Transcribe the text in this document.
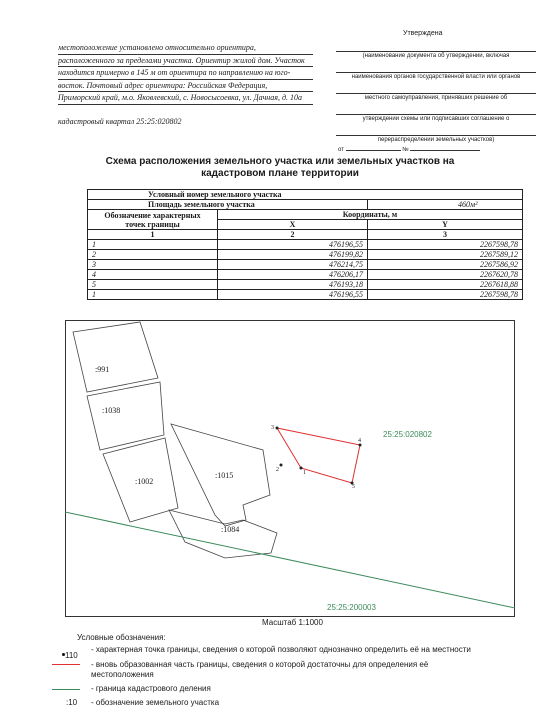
местоположение установлено относительно ориентира,
расположенного за пределами участка. Ориентир жилой дом. Участок
находится примерно в 145 м от ориентира по направлению на юго-
восток. Почтовый адрес ориентира: Российская Федерация,
Приморский край, м.о. Яковлевский, с. Новосысоевка, ул. Дачная, д. 10а
кадастровый квартал 25:25:020802
Утверждена
(наименование документа об утверждении, включая
наименования органов государственной власти или органов
местного самоуправления, принявших решение об
утверждении схемы или подписавших соглашение о
перераспределении земельных участков)
от	№
Схема расположения земельного участка или земельных участков на
кадастровом плане территории
Условный номер земельного участка		
Площадь земельного участка		460м²

Обозначение характерных
точек границы	Координаты, м	
	X	Y
1	2	3
1	476196,55	2267598,78
2	476199,82	2267589,12
3	476214,75	2267586,92
4	476206,17	2267620,78
5	476193,18	2267618,88
1	476196,55	2267598,78
:991
:1038
:1002
:1015
:1084
25:25:020802
25:25:200003
1
2
3
4
5
Масштаб 1:1000
Условные обозначения:
110
- характерная точка границы, сведения о которой позволяют однозначно определить её на местности
- вновь образованная часть границы, сведения о которой достаточны для определения её
местоположения
- граница кадастрового деления
:10 - обозначение земельного участка
